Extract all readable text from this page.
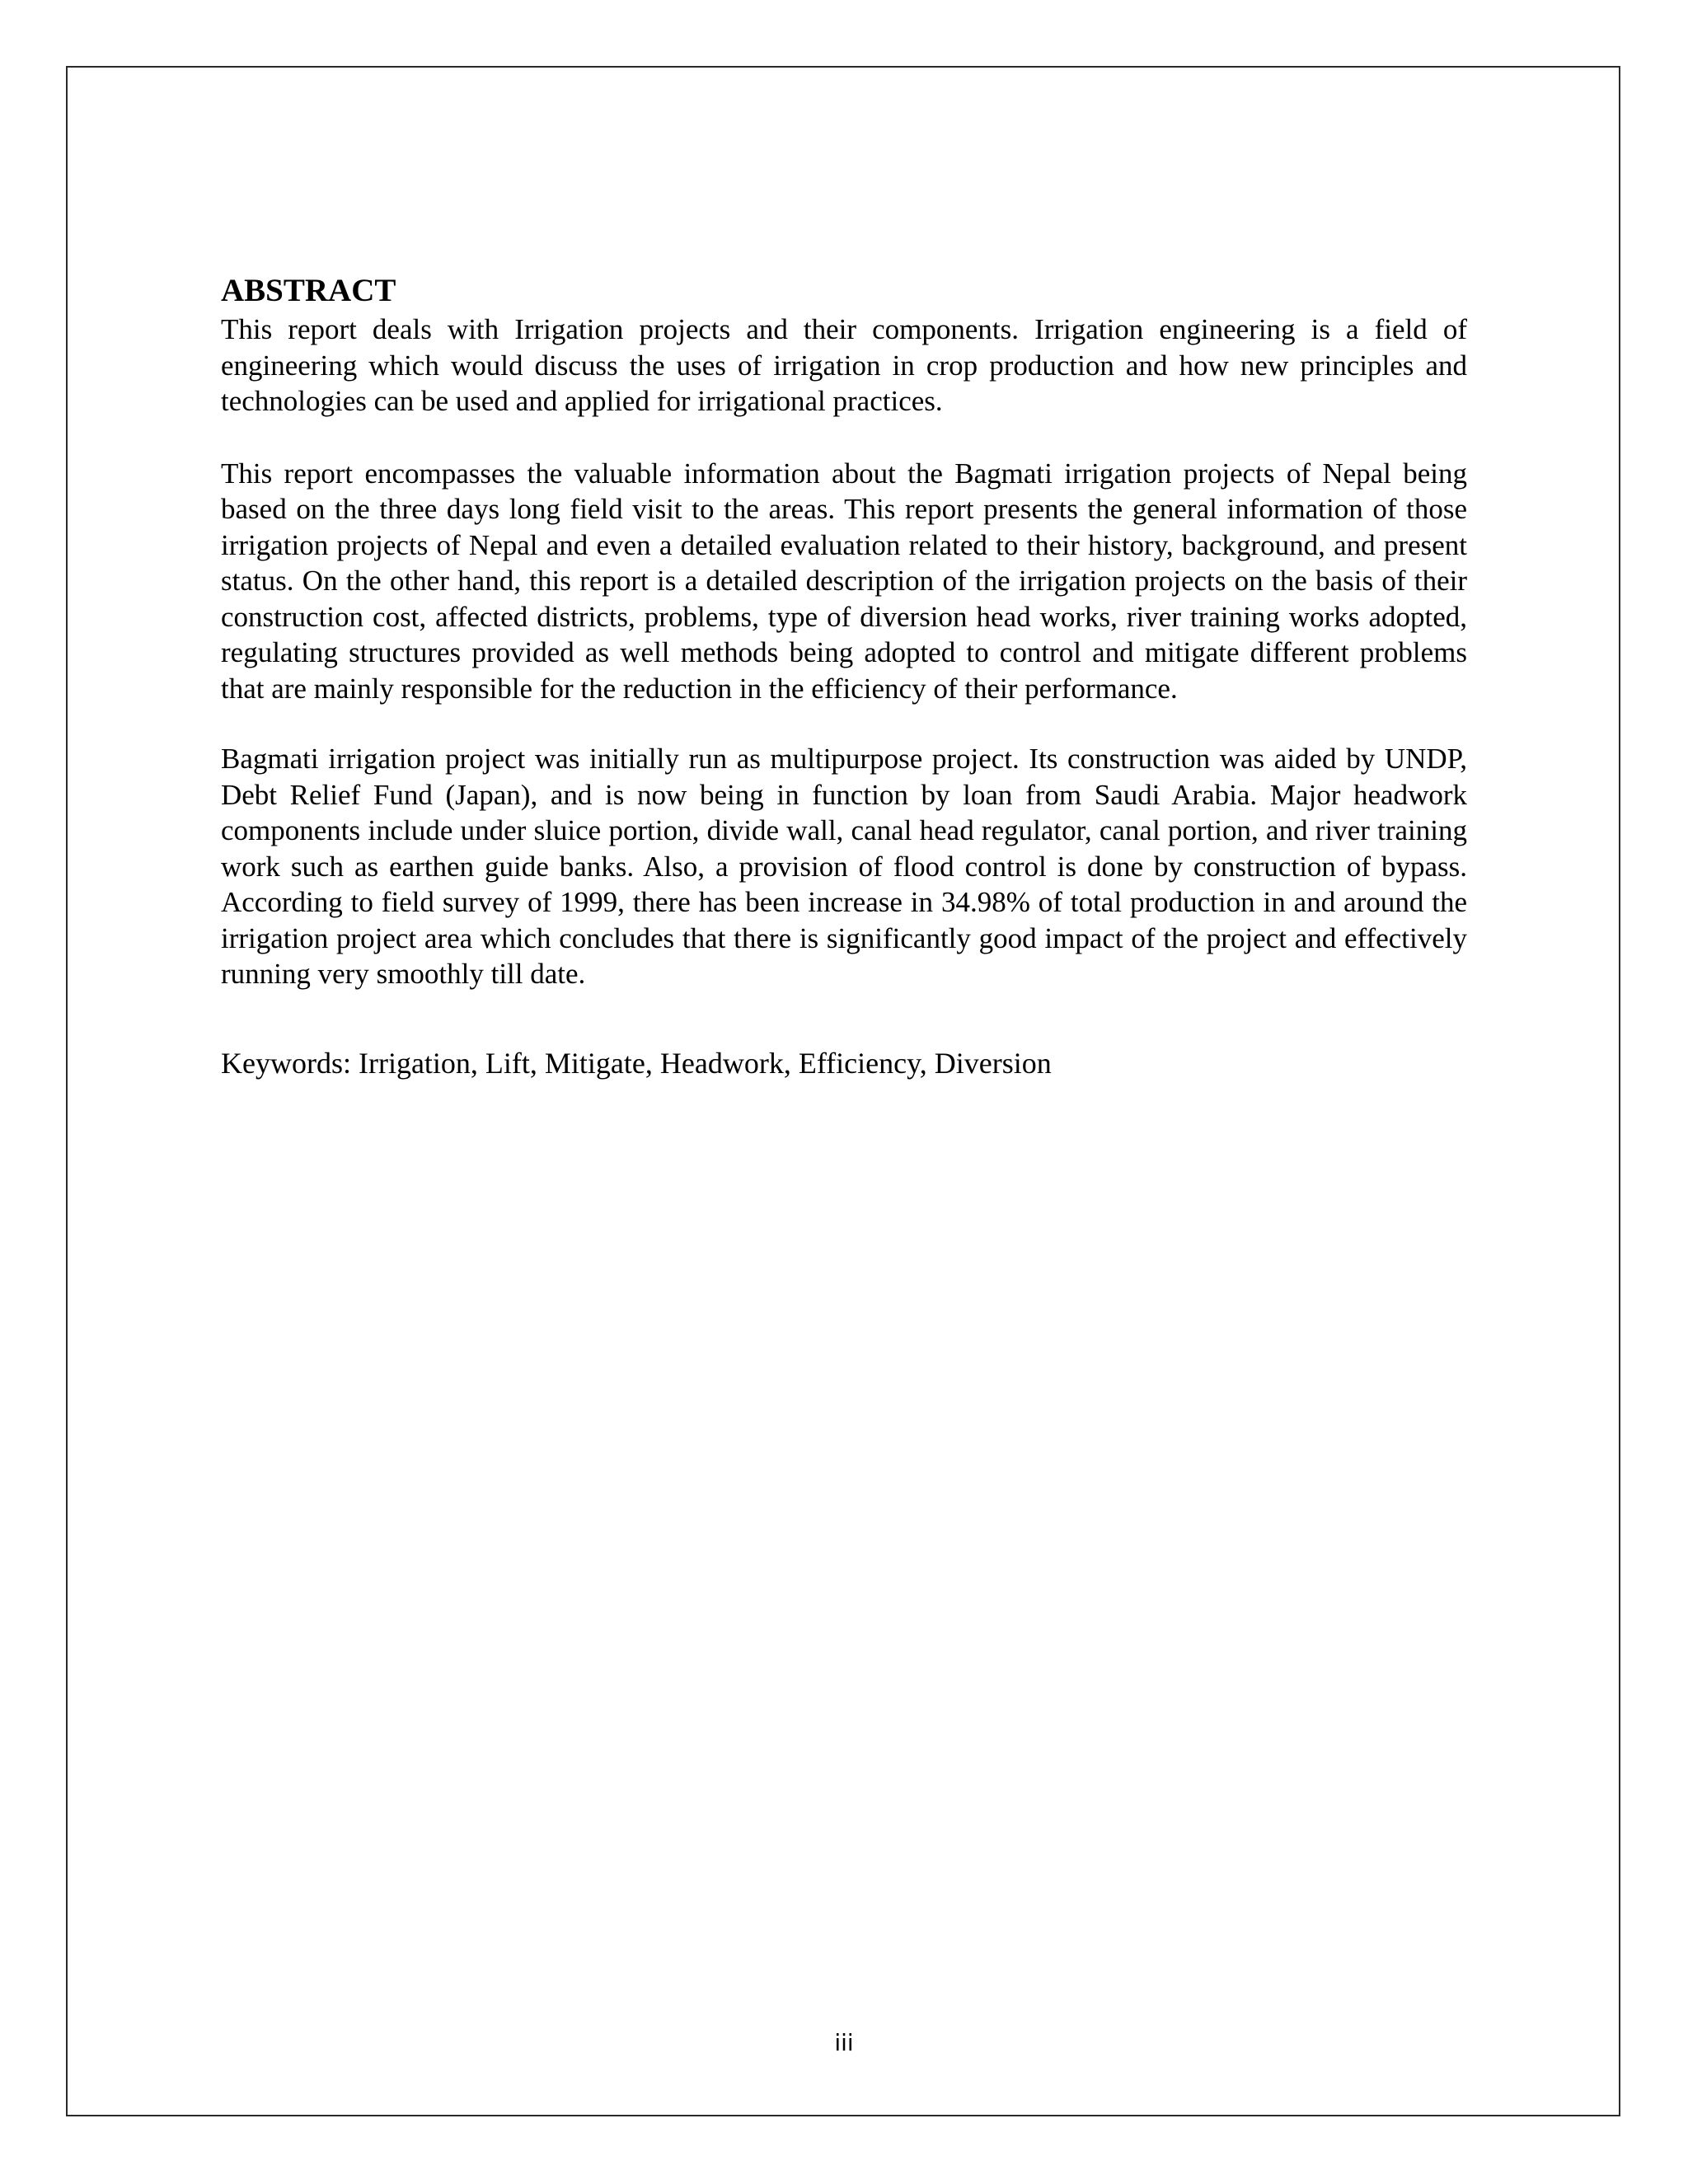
ABSTRACT

This report deals with Irrigation projects and their components. Irrigation engineering is a field of engineering which would discuss the uses of irrigation in crop production and how new principles and technologies can be used and applied for irrigational practices.

This report encompasses the valuable information about the Bagmati irrigation projects of Nepal being based on the three days long field visit to the areas. This report presents the general information of those irrigation projects of Nepal and even a detailed evaluation related to their history, background, and present status. On the other hand, this report is a detailed description of the irrigation projects on the basis of their construction cost, affected districts, problems, type of diversion head works, river training works adopted, regulating structures provided as well methods being adopted to control and mitigate different problems that are mainly responsible for the reduction in the efficiency of their performance.

Bagmati irrigation project was initially run as multipurpose project. Its construction was aided by UNDP, Debt Relief Fund (Japan), and is now being in function by loan from Saudi Arabia. Major headwork components include under sluice portion, divide wall, canal head regulator, canal portion, and river training work such as earthen guide banks. Also, a provision of flood control is done by construction of bypass. According to field survey of 1999, there has been increase in 34.98% of total production in and around the irrigation project area which concludes that there is significantly good impact of the project and effectively running very smoothly till date.

Keywords: Irrigation, Lift, Mitigate, Headwork, Efficiency, Diversion

iii
